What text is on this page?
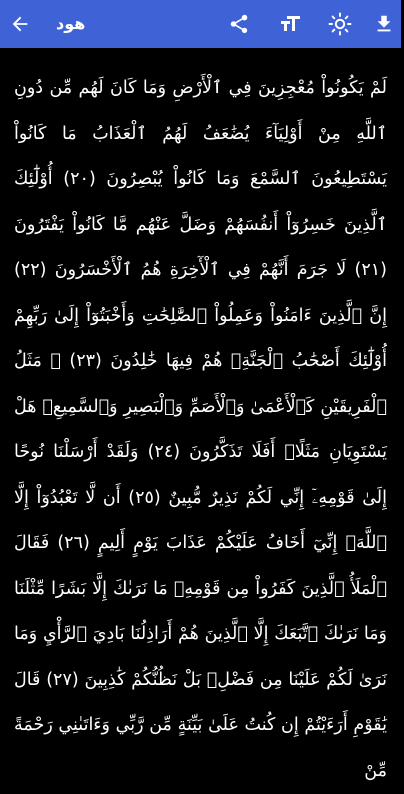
هود

لَمْ يَكُونُواْ مُعْجِزِينَ فِي ٱلْأَرْضِ وَمَا كَانَ لَهُم مِّن دُونِ ٱللَّهِ مِنْ أَوْلِيَآءَ يُضَٰعَفُ لَهُمُ ٱلْعَذَابُ مَا كَانُواْ يَسْتَطِيعُونَ ٱلسَّمْعَ وَمَا كَانُواْ يُبْصِرُونَ (٢٠) أُوْلَٰٓئِكَ ٱلَّذِينَ خَسِرُوٓاْ أَنفُسَهُمْ وَضَلَّ عَنْهُم مَّا كَانُواْ يَفْتَرُونَ (٢١) لَا جَرَمَ أَنَّهُمْ فِي ٱلْأٓخِرَةِ هُمُ ٱلْأَخْسَرُونَ (٢٢) إِنَّ ٱلَّذِينَ ءَامَنُواْ وَعَمِلُواْ ٱلصَّٰلِحَٰتِ وَأَخْبَتُوٓاْ إِلَىٰ رَبِّهِمْ أُوْلَٰٓئِكَ أَصْحَٰبُ ٱلْجَنَّةِۖ هُمْ فِيهَا خَٰلِدُونَ (٢٣) ۞ مَثَلُ ٱلْفَرِيقَيْنِ كَٱلْأَعْمَىٰ وَٱلْأَصَمِّ وَٱلْبَصِيرِ وَٱلسَّمِيعِۚ هَلْ يَسْتَوِيَانِ مَثَلًاۚ أَفَلَا تَذَكَّرُونَ (٢٤) وَلَقَدْ أَرْسَلْنَا نُوحًا إِلَىٰ قَوْمِهِۦٓ إِنِّي لَكُمْ نَذِيرٌ مُّبِينٌ (٢٥) أَن لَّا تَعْبُدُوٓاْ إِلَّا ٱللَّهَۖ إِنِّيٓ أَخَافُ عَلَيْكُمْ عَذَابَ يَوْمٍ أَلِيمٍ (٢٦) فَقَالَ ٱلْمَلَأُ ٱلَّذِينَ كَفَرُواْ مِن قَوْمِهِۦ مَا نَرَىٰكَ إِلَّا بَشَرًا مِّثْلَنَا وَمَا نَرَىٰكَ ٱتَّبَعَكَ إِلَّا ٱلَّذِينَ هُمْ أَرَاذِلُنَا بَادِيَ ٱلرَّأْيِ وَمَا نَرَىٰ لَكُمْ عَلَيْنَا مِن فَضْلِۭ بَلْ نَظُنُّكُمْ كَٰذِبِينَ (٢٧) قَالَ يَٰقَوْمِ أَرَءَيْتُمْ إِن كُنتُ عَلَىٰ بَيِّنَةٍ مِّن رَّبِّي وَءَاتَىٰنِي رَحْمَةً مِّنْ
